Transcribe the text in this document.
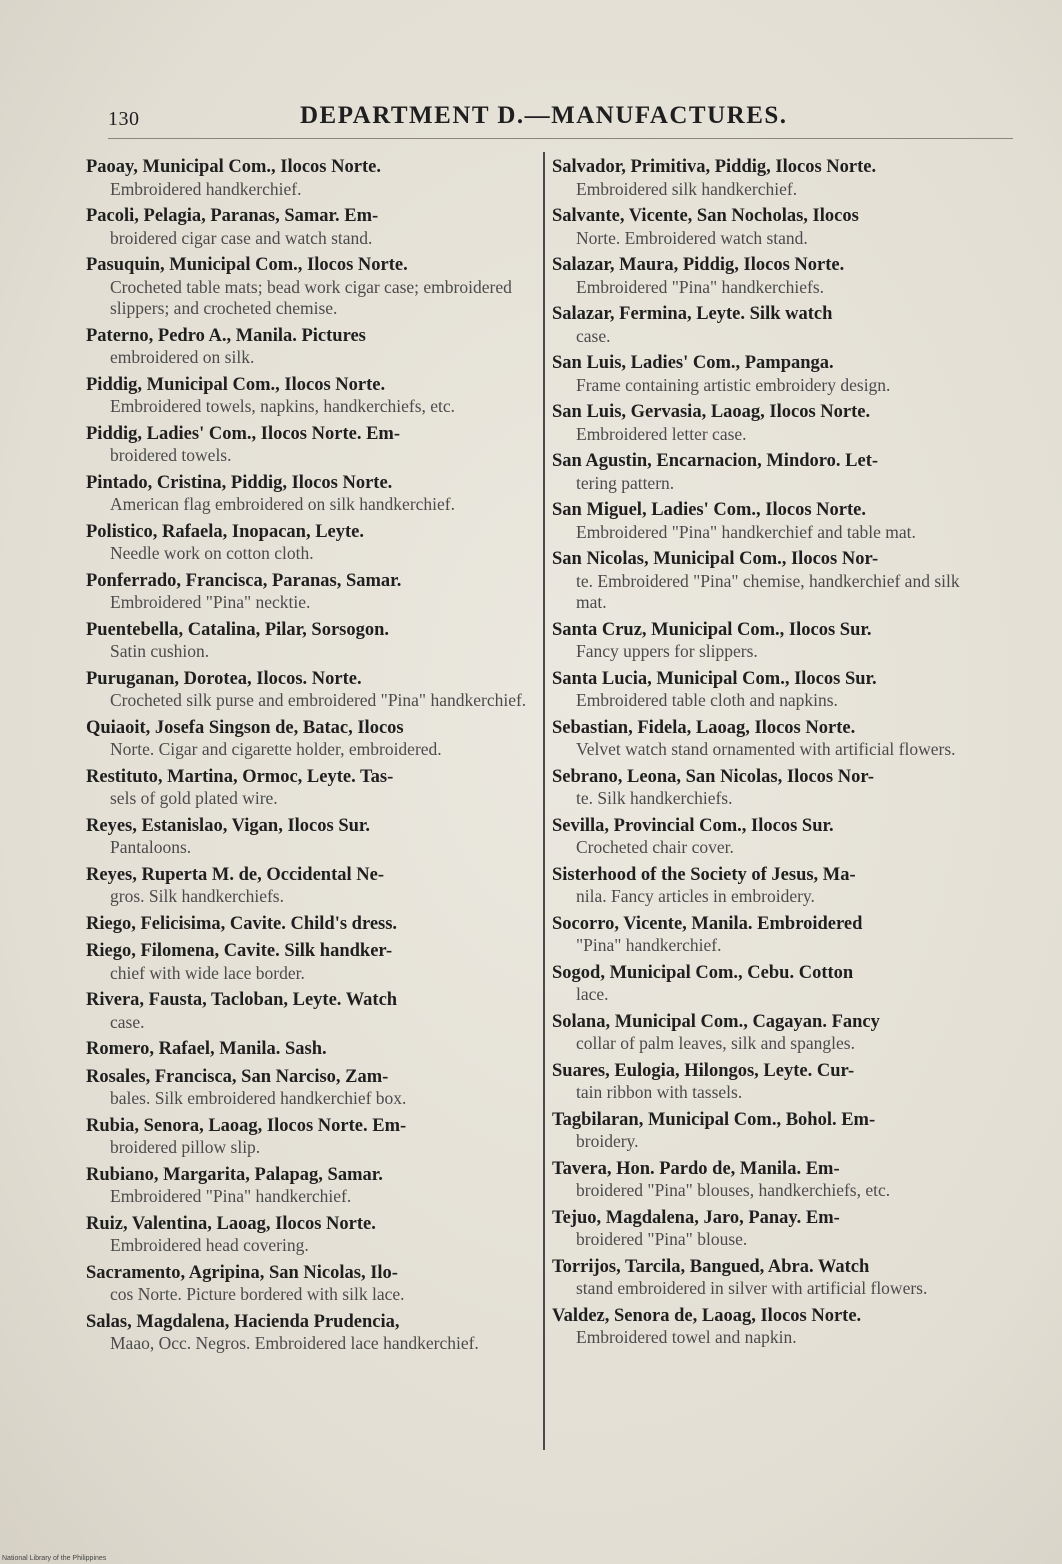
130	DEPARTMENT D.—MANUFACTURES.
Paoay, Municipal Com., Ilocos Norte.
Embroidered handkerchief.
Pacoli, Pelagia, Paranas, Samar. Em-
broidered cigar case and watch stand.
Pasuquin, Municipal Com., Ilocos Norte.
Crocheted table mats; bead work cigar case; embroidered slippers; and crocheted chemise.
Paterno, Pedro A., Manila. Pictures
embroidered on silk.
Piddig, Municipal Com., Ilocos Norte.
Embroidered towels, napkins, handkerchiefs, etc.
Piddig, Ladies' Com., Ilocos Norte. Em-
broidered towels.
Pintado, Cristina, Piddig, Ilocos Norte.
American flag embroidered on silk handkerchief.
Polistico, Rafaela, Inopacan, Leyte.
Needle work on cotton cloth.
Ponferrado, Francisca, Paranas, Samar.
Embroidered "Pina" necktie.
Puentebella, Catalina, Pilar, Sorsogon.
Satin cushion.
Puruganan, Dorotea, Ilocos. Norte.
Crocheted silk purse and embroidered "Pina" handkerchief.
Quiaoit, Josefa Singson de, Batac, Ilocos
Norte. Cigar and cigarette holder, embroidered.
Restituto, Martina, Ormoc, Leyte. Tas-
sels of gold plated wire.
Reyes, Estanislao, Vigan, Ilocos Sur.
Pantaloons.
Reyes, Ruperta M. de, Occidental Ne-
gros. Silk handkerchiefs.
Riego, Felicisima, Cavite. Child's dress.
Riego, Filomena, Cavite. Silk handker-
chief with wide lace border.
Rivera, Fausta, Tacloban, Leyte. Watch
case.
Romero, Rafael, Manila. Sash.
Rosales, Francisca, San Narciso, Zam-
bales. Silk embroidered handkerchief box.
Rubia, Senora, Laoag, Ilocos Norte. Em-
broidered pillow slip.
Rubiano, Margarita, Palapag, Samar.
Embroidered "Pina" handkerchief.
Ruiz, Valentina, Laoag, Ilocos Norte.
Embroidered head covering.
Sacramento, Agripina, San Nicolas, Ilo-
cos Norte. Picture bordered with silk lace.
Salas, Magdalena, Hacienda Prudencia,
Maao, Occ. Negros. Embroidered lace handkerchief.
Salvador, Primitiva, Piddig, Ilocos Norte.
Embroidered silk handkerchief.
Salvante, Vicente, San Nocholas, Ilocos
Norte. Embroidered watch stand.
Salazar, Maura, Piddig, Ilocos Norte.
Embroidered "Pina" handkerchiefs.
Salazar, Fermina, Leyte. Silk watch
case.
San Luis, Ladies' Com., Pampanga.
Frame containing artistic embroidery design.
San Luis, Gervasia, Laoag, Ilocos Norte.
Embroidered letter case.
San Agustin, Encarnacion, Mindoro. Let-
tering pattern.
San Miguel, Ladies' Com., Ilocos Norte.
Embroidered "Pina" handkerchief and table mat.
San Nicolas, Municipal Com., Ilocos Nor-
te. Embroidered "Pina" chemise, handkerchief and silk mat.
Santa Cruz, Municipal Com., Ilocos Sur.
Fancy uppers for slippers.
Santa Lucia, Municipal Com., Ilocos Sur.
Embroidered table cloth and napkins.
Sebastian, Fidela, Laoag, Ilocos Norte.
Velvet watch stand ornamented with artificial flowers.
Sebrano, Leona, San Nicolas, Ilocos Nor-
te. Silk handkerchiefs.
Sevilla, Provincial Com., Ilocos Sur.
Crocheted chair cover.
Sisterhood of the Society of Jesus, Ma-
nila. Fancy articles in embroidery.
Socorro, Vicente, Manila. Embroidered
"Pina" handkerchief.
Sogod, Municipal Com., Cebu. Cotton
lace.
Solana, Municipal Com., Cagayan. Fancy
collar of palm leaves, silk and spangles.
Suares, Eulogia, Hilongos, Leyte. Cur-
tain ribbon with tassels.
Tagbilaran, Municipal Com., Bohol. Em-
broidery.
Tavera, Hon. Pardo de, Manila. Em-
broidered "Pina" blouses, handkerchiefs, etc.
Tejuo, Magdalena, Jaro, Panay. Em-
broidered "Pina" blouse.
Torrijos, Tarcila, Bangued, Abra. Watch
stand embroidered in silver with artificial flowers.
Valdez, Senora de, Laoag, Ilocos Norte.
Embroidered towel and napkin.
National Library of the Philippines
